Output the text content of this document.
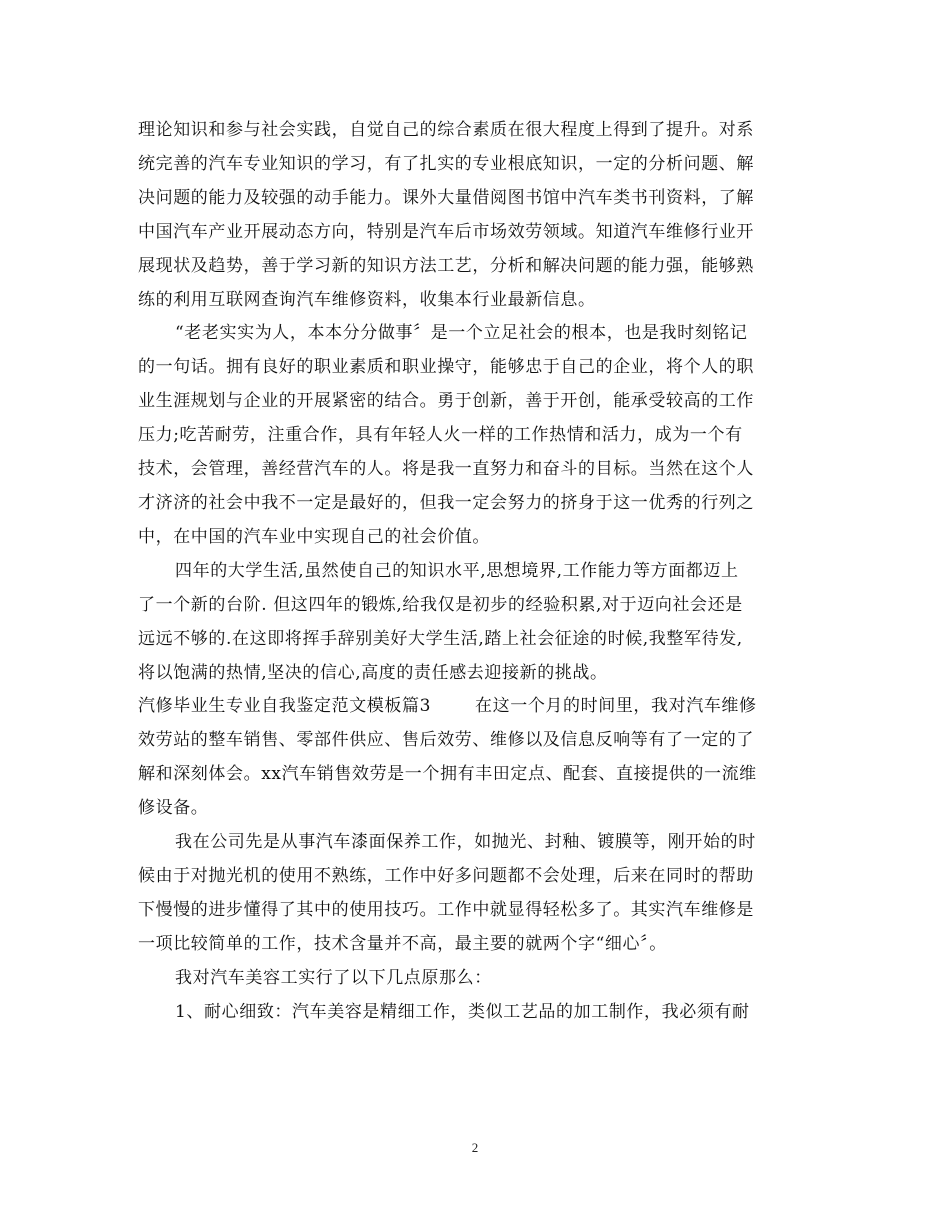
理论知识和参与社会实践，自觉自己的综合素质在很大程度上得到了提升。对系
统完善的汽车专业知识的学习，有了扎实的专业根底知识，一定的分析问题、解
决问题的能力及较强的动手能力。课外大量借阅图书馆中汽车类书刊资料，了解
中国汽车产业开展动态方向，特别是汽车后市场效劳领域。知道汽车维修行业开
展现状及趋势，善于学习新的知识方法工艺，分析和解决问题的能力强，能够熟
练的利用互联网查询汽车维修资料，收集本行业最新信息。

“老老实实为人，本本分分做事〞是一个立足社会的根本，也是我时刻铭记
的一句话。拥有良好的职业素质和职业操守，能够忠于自己的企业，将个人的职
业生涯规划与企业的开展紧密的结合。勇于创新，善于开创，能承受较高的工作
压力;吃苦耐劳，注重合作，具有年轻人火一样的工作热情和活力，成为一个有
技术，会管理，善经营汽车的人。将是我一直努力和奋斗的目标。当然在这个人
才济济的社会中我不一定是最好的，但我一定会努力的挤身于这一优秀的行列之
中，在中国的汽车业中实现自己的社会价值。

四年的大学生活,虽然使自己的知识水平,思想境界,工作能力等方面都迈上
了一个新的台阶. 但这四年的锻炼,给我仅是初步的经验积累,对于迈向社会还是
远远不够的.在这即将挥手辞别美好大学生活,踏上社会征途的时候,我整军待发,
将以饱满的热情,坚决的信心,高度的责任感去迎接新的挑战。

汽修毕业生专业自我鉴定范文模板篇3	在这一个月的时间里，我对汽车维修
效劳站的整车销售、零部件供应、售后效劳、维修以及信息反响等有了一定的了
解和深刻体会。xx汽车销售效劳是一个拥有丰田定点、配套、直接提供的一流维
修设备。

我在公司先是从事汽车漆面保养工作，如抛光、封釉、镀膜等，刚开始的时
候由于对抛光机的使用不熟练，工作中好多问题都不会处理，后来在同时的帮助
下慢慢的进步懂得了其中的使用技巧。工作中就显得轻松多了。其实汽车维修是
一项比较简单的工作，技术含量并不高，最主要的就两个字“细心〞。

我对汽车美容工实行了以下几点原那么：

1、耐心细致：汽车美容是精细工作，类似工艺品的加工制作，我必须有耐

2
